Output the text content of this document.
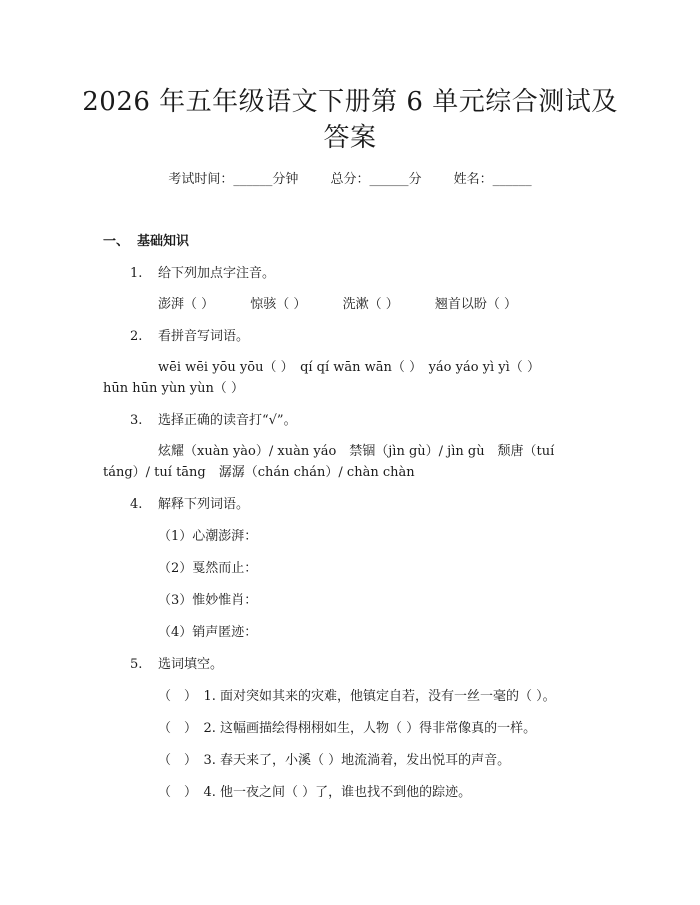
2026 年五年级语文下册第 6 单元综合测试及
答案
考试时间：______分钟 总分：______分 姓名：______
一、 基础知识
1. 给下列加点字注音。
澎湃（ ）	惊骇（ ）	洗漱（ ）	翘首以盼（ ）
2. 看拼音写词语。
wēi wēi yōu yōu（ ）　qí qí wān wān（ ）　yáo yáo yì yì（ ）
hūn hūn yùn yùn（ ）
3. 选择正确的读音打“√”。
炫耀（xuàn yào）/ xuàn yáo　禁锢（jìn gù）/ jìn gù　颓唐（tuí
táng）/ tuí tāng　潺潺（chán chán）/ chàn chàn
4. 解释下列词语。
（1）心潮澎湃：
（2）戛然而止：
（3）惟妙惟肖：
（4）销声匿迹：
5. 选词填空。
（　）　1. 面对突如其来的灾难，他镇定自若，没有一丝一毫的（ ）。
（　）　2. 这幅画描绘得栩栩如生，人物（ ）得非常像真的一样。
（　）　3. 春天来了，小溪（ ）地流淌着，发出悦耳的声音。
（　）　4. 他一夜之间（ ）了，谁也找不到他的踪迹。
